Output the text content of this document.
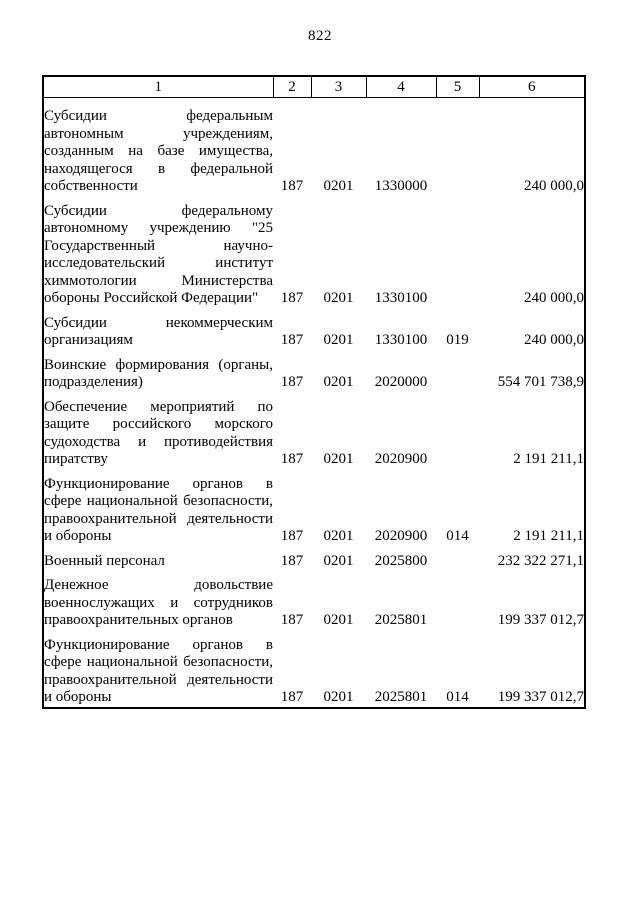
822
1	2	3	4	5	6
Субсидии федеральным автономным учреждениям, созданным на базе имущества, находящегося в федеральной собственности	187	0201	1330000		240 000,0
Субсидии федеральному автономному учреждению "25 Государственный научно-исследовательский институт химмотологии Министерства обороны Российской Федерации"	187	0201	1330100		240 000,0
Субсидии некоммерческим организациям	187	0201	1330100	019	240 000,0
Воинские формирования (органы, подразделения)	187	0201	2020000		554 701 738,9
Обеспечение мероприятий по защите российского морского судоходства и противодействия пиратству	187	0201	2020900		2 191 211,1
Функционирование органов в сфере национальной безопасности, правоохранительной деятельности и обороны	187	0201	2020900	014	2 191 211,1
Военный персонал	187	0201	2025800		232 322 271,1
Денежное довольствие военнослужащих и сотрудников правоохранительных органов	187	0201	2025801		199 337 012,7
Функционирование органов в сфере национальной безопасности, правоохранительной деятельности и обороны	187	0201	2025801	014	199 337 012,7
